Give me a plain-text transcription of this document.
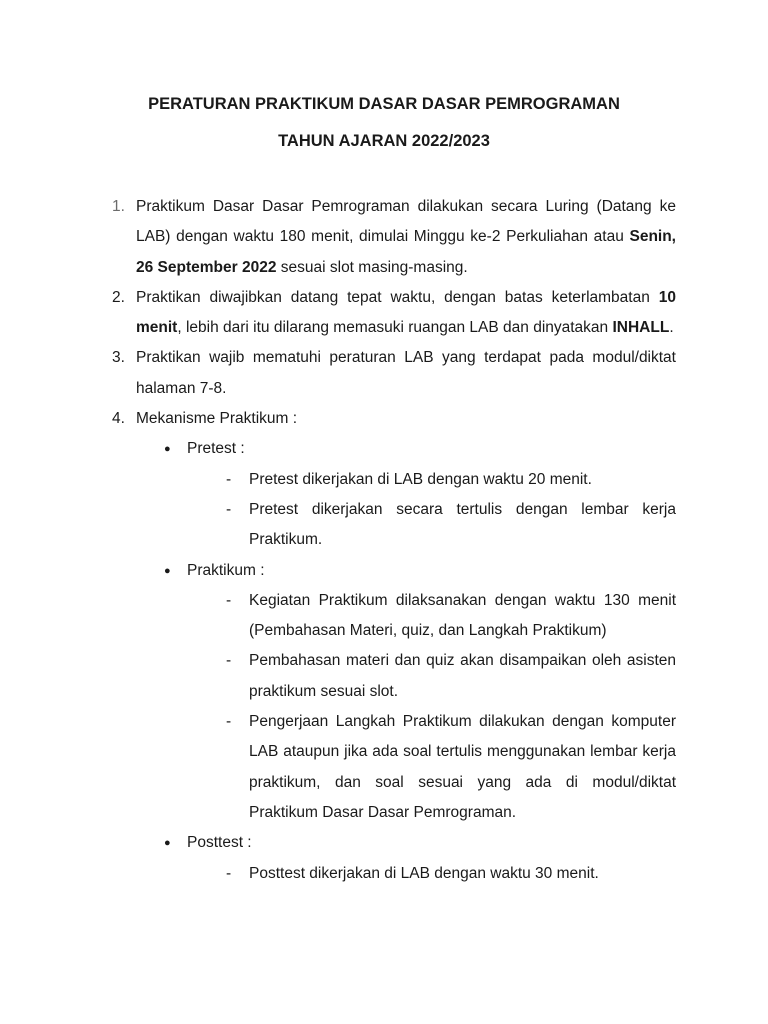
PERATURAN PRAKTIKUM DASAR DASAR PEMROGRAMAN
TAHUN AJARAN 2022/2023
1. Praktikum Dasar Dasar Pemrograman dilakukan secara Luring (Datang ke LAB) dengan waktu 180 menit, dimulai Minggu ke-2 Perkuliahan atau Senin, 26 September 2022 sesuai slot masing-masing.
2. Praktikan diwajibkan datang tepat waktu, dengan batas keterlambatan 10 menit, lebih dari itu dilarang memasuki ruangan LAB dan dinyatakan INHALL.
3. Praktikan wajib mematuhi peraturan LAB yang terdapat pada modul/diktat halaman 7-8.
4. Mekanisme Praktikum :
● Pretest :
- Pretest dikerjakan di LAB dengan waktu 20 menit.
- Pretest dikerjakan secara tertulis dengan lembar kerja Praktikum.
● Praktikum :
- Kegiatan Praktikum dilaksanakan dengan waktu 130 menit (Pembahasan Materi, quiz, dan Langkah Praktikum)
- Pembahasan materi dan quiz akan disampaikan oleh asisten praktikum sesuai slot.
- Pengerjaan Langkah Praktikum dilakukan dengan komputer LAB ataupun jika ada soal tertulis menggunakan lembar kerja praktikum, dan soal sesuai yang ada di modul/diktat Praktikum Dasar Dasar Pemrograman.
● Posttest :
- Posttest dikerjakan di LAB dengan waktu 30 menit.
